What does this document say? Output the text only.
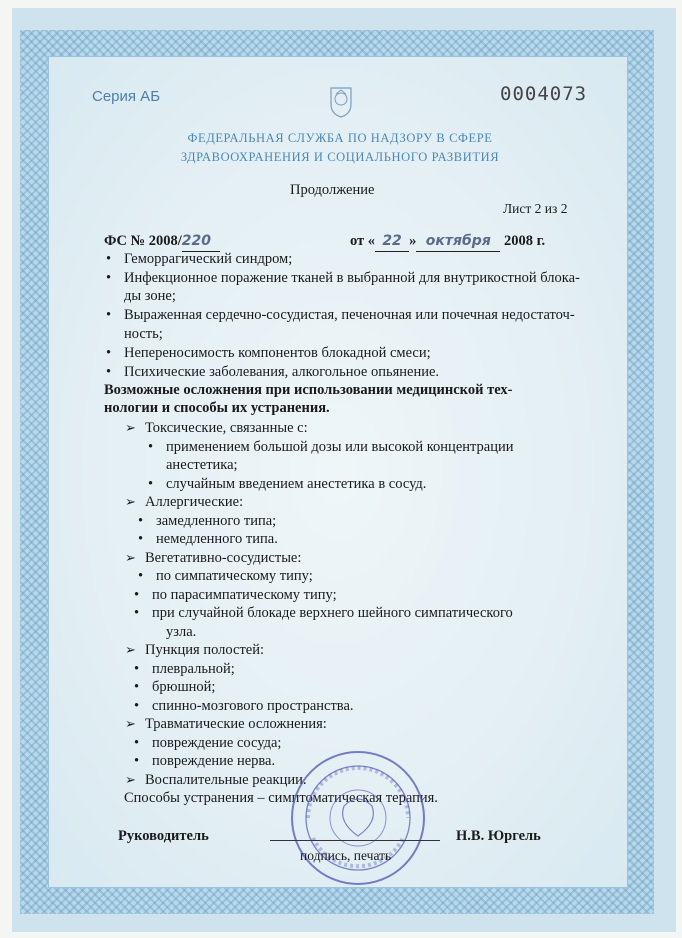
Серия АБ	0004073
ФЕДЕРАЛЬНАЯ СЛУЖБА ПО НАДЗОРУ В СФЕРЕ
ЗДРАВООХРАНЕНИЯ И СОЦИАЛЬНОГО РАЗВИТИЯ
Продолжение
Лист 2 из 2
ФС № 2008/220	от « 22 » октября 2008 г.
• Геморрагический синдром;
• Инфекционное поражение тканей в выбранной для внутрикостной блока-
ды зоне;
• Выраженная сердечно-сосудистая, печеночная или почечная недостаточ-
ность;
• Непереносимость компонентов блокадной смеси;
• Психические заболевания, алкогольное опьянение.
Возможные осложнения при использовании медицинской тех-
нологии и способы их устранения.
➢ Токсические, связанные с:
• применением большой дозы или высокой концентрации
анестетика;
• случайным введением анестетика в сосуд.
➢ Аллергические:
• замедленного типа;
• немедленного типа.
➢ Вегетативно-сосудистые:
• по симпатическому типу;
• по парасимпатическому типу;
• при случайной блокаде верхнего шейного симпатического
узла.
➢ Пункция полостей:
• плевральной;
• брюшной;
• спинно-мозгового пространства.
➢ Травматические осложнения:
• повреждение сосуда;
• повреждение нерва.
➢ Воспалительные реакции.
Способы устранения – симптоматическая терапия.
Руководитель	Н.В. Юргель
подпись, печать
